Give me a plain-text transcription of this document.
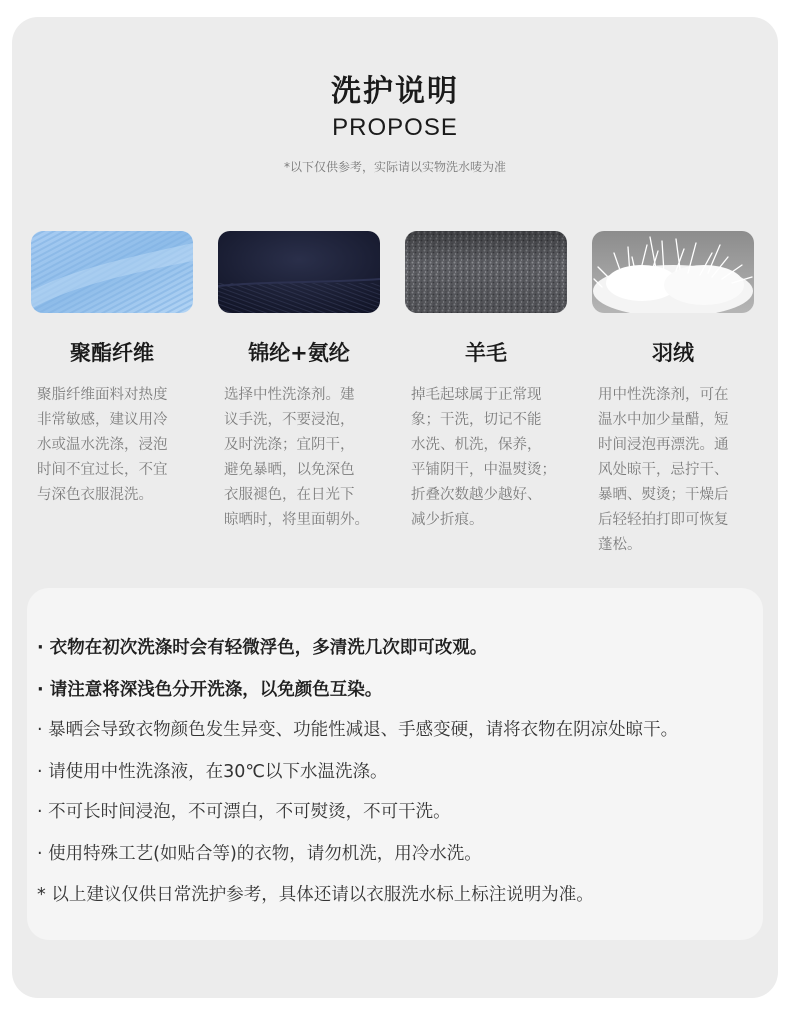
洗护说明
PROPOSE
*以下仅供参考，实际请以实物洗水唛为准
聚酯纤维
聚脂纤维面料对热度
非常敏感，建议用冷
水或温水洗涤，浸泡
时间不宜过长，不宜
与深色衣服混洗。
锦纶+氨纶
选择中性洗涤剂。建
议手洗，不要浸泡，
及时洗涤；宜阴干，
避免暴晒，以免深色
衣服褪色，在日光下
晾晒时，将里面朝外。
羊毛
掉毛起球属于正常现
象；干洗，切记不能
水洗、机洗，保养，
平铺阴干，中温熨烫；
折叠次数越少越好、
减少折痕。
羽绒
用中性洗涤剂，可在
温水中加少量醋，短
时间浸泡再漂洗。通
风处晾干，忌拧干、
暴晒、熨烫；干燥后
后轻轻拍打即可恢复
蓬松。
· 衣物在初次洗涤时会有轻微浮色，多清洗几次即可改观。
· 请注意将深浅色分开洗涤，以免颜色互染。
· 暴晒会导致衣物颜色发生异变、功能性减退、手感变硬，请将衣物在阴凉处晾干。
· 请使用中性洗涤液，在30℃以下水温洗涤。
· 不可长时间浸泡，不可漂白，不可熨烫，不可干洗。
· 使用特殊工艺(如贴合等)的衣物，请勿机洗，用冷水洗。
* 以上建议仅供日常洗护参考，具体还请以衣服洗水标上标注说明为准。
